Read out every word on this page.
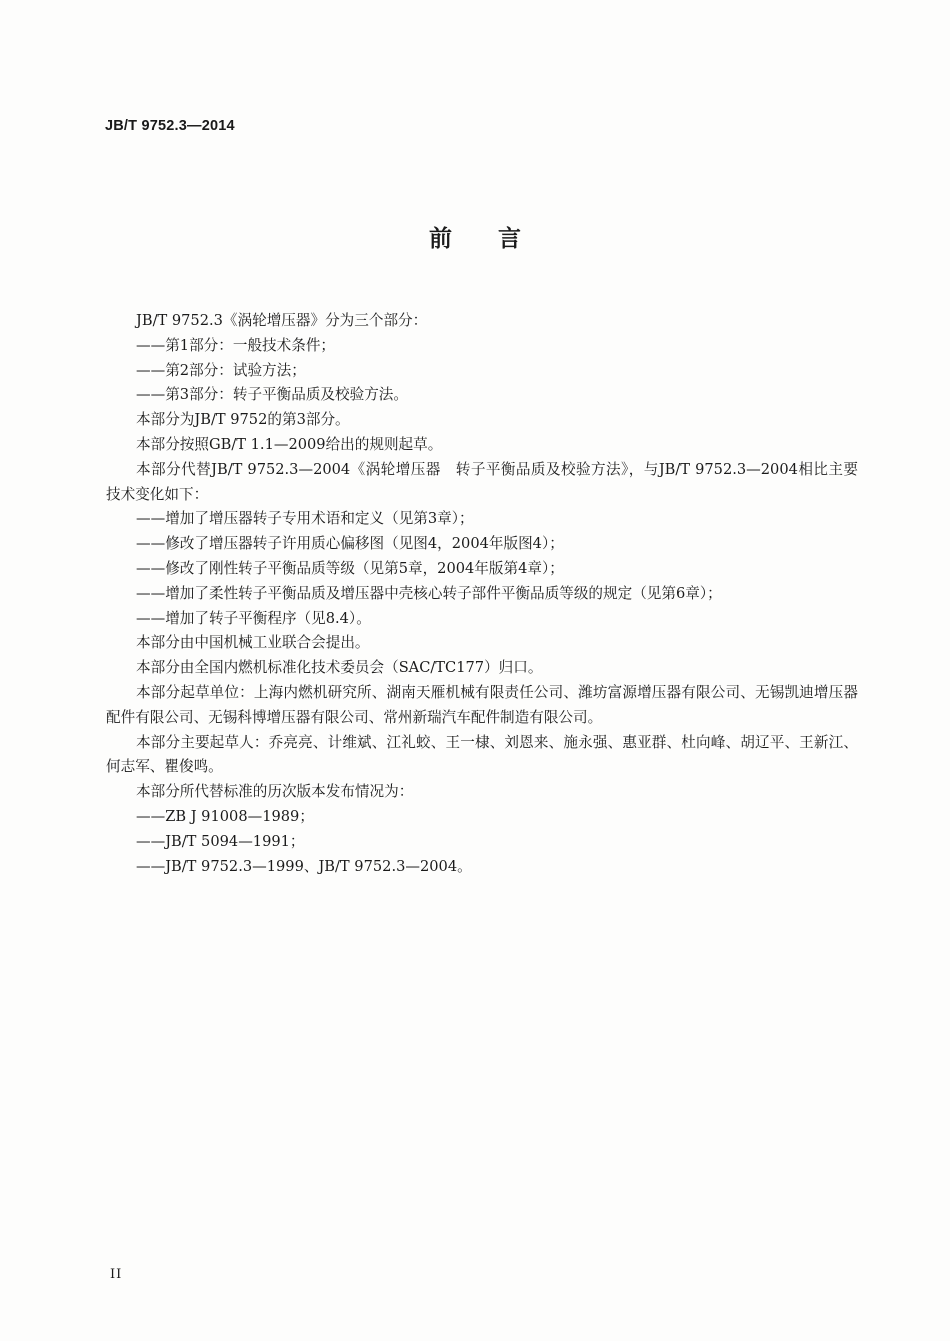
JB/T 9752.3—2014
前 言

JB/T 9752.3《涡轮增压器》分为三个部分：

——第1部分：一般技术条件；

——第2部分：试验方法；

——第3部分：转子平衡品质及校验方法。

本部分为JB/T 9752的第3部分。

本部分按照GB/T 1.1—2009给出的规则起草。

本部分代替JB/T 9752.3—2004《涡轮增压器　转子平衡品质及校验方法》，与JB/T 9752.3—2004相比主要技术变化如下：

——增加了增压器转子专用术语和定义（见第3章）；

——修改了增压器转子许用质心偏移图（见图4，2004年版图4）；

——修改了刚性转子平衡品质等级（见第5章，2004年版第4章）；

——增加了柔性转子平衡品质及增压器中壳核心转子部件平衡品质等级的规定（见第6章）；

——增加了转子平衡程序（见8.4）。

本部分由中国机械工业联合会提出。

本部分由全国内燃机标准化技术委员会（SAC/TC177）归口。

本部分起草单位：上海内燃机研究所、湖南天雁机械有限责任公司、潍坊富源增压器有限公司、无锡凯迪增压器配件有限公司、无锡科博增压器有限公司、常州新瑞汽车配件制造有限公司。

本部分主要起草人：乔亮亮、计维斌、江礼蛟、王一棣、刘恩来、施永强、惠亚群、杜向峰、胡辽平、王新江、何志军、瞿俊鸣。

本部分所代替标准的历次版本发布情况为：

——ZB J 91008—1989；

——JB/T 5094—1991；

——JB/T 9752.3—1999、JB/T 9752.3—2004。

II
